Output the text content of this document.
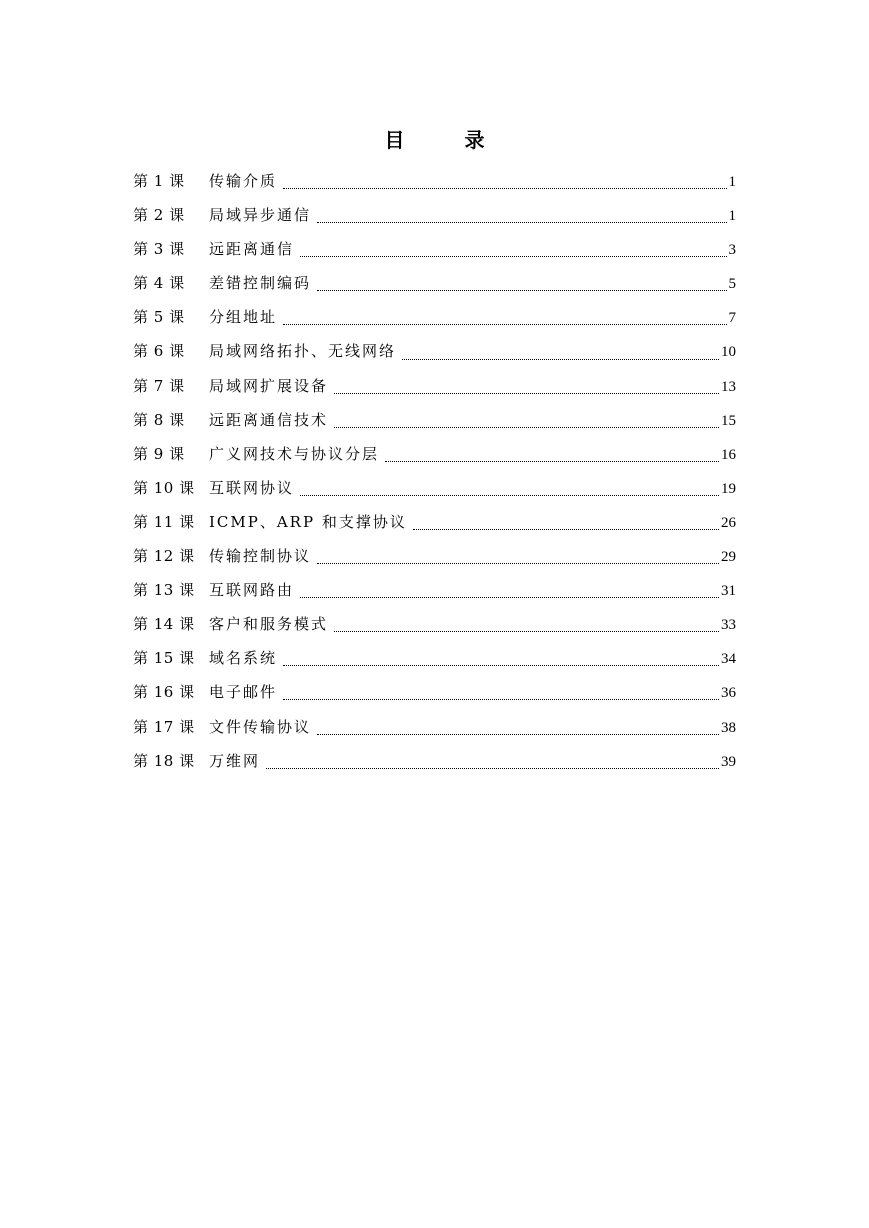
目　录
第 1 课	传输介质	1
第 2 课	局域异步通信	1
第 3 课	远距离通信	3
第 4 课	差错控制编码	5
第 5 课	分组地址	7
第 6 课	局域网络拓扑、无线网络	10
第 7 课	局域网扩展设备	13
第 8 课	远距离通信技术	15
第 9 课	广义网技术与协议分层	16
第 10 课 互联网协议	19
第 11 课 ICMP、ARP 和支撑协议	26
第 12 课 传输控制协议	29
第 13 课 互联网路由	31
第 14 课 客户和服务模式	33
第 15 课 域名系统	34
第 16 课 电子邮件	36
第 17 课 文件传输协议	38
第 18 课 万维网	39
